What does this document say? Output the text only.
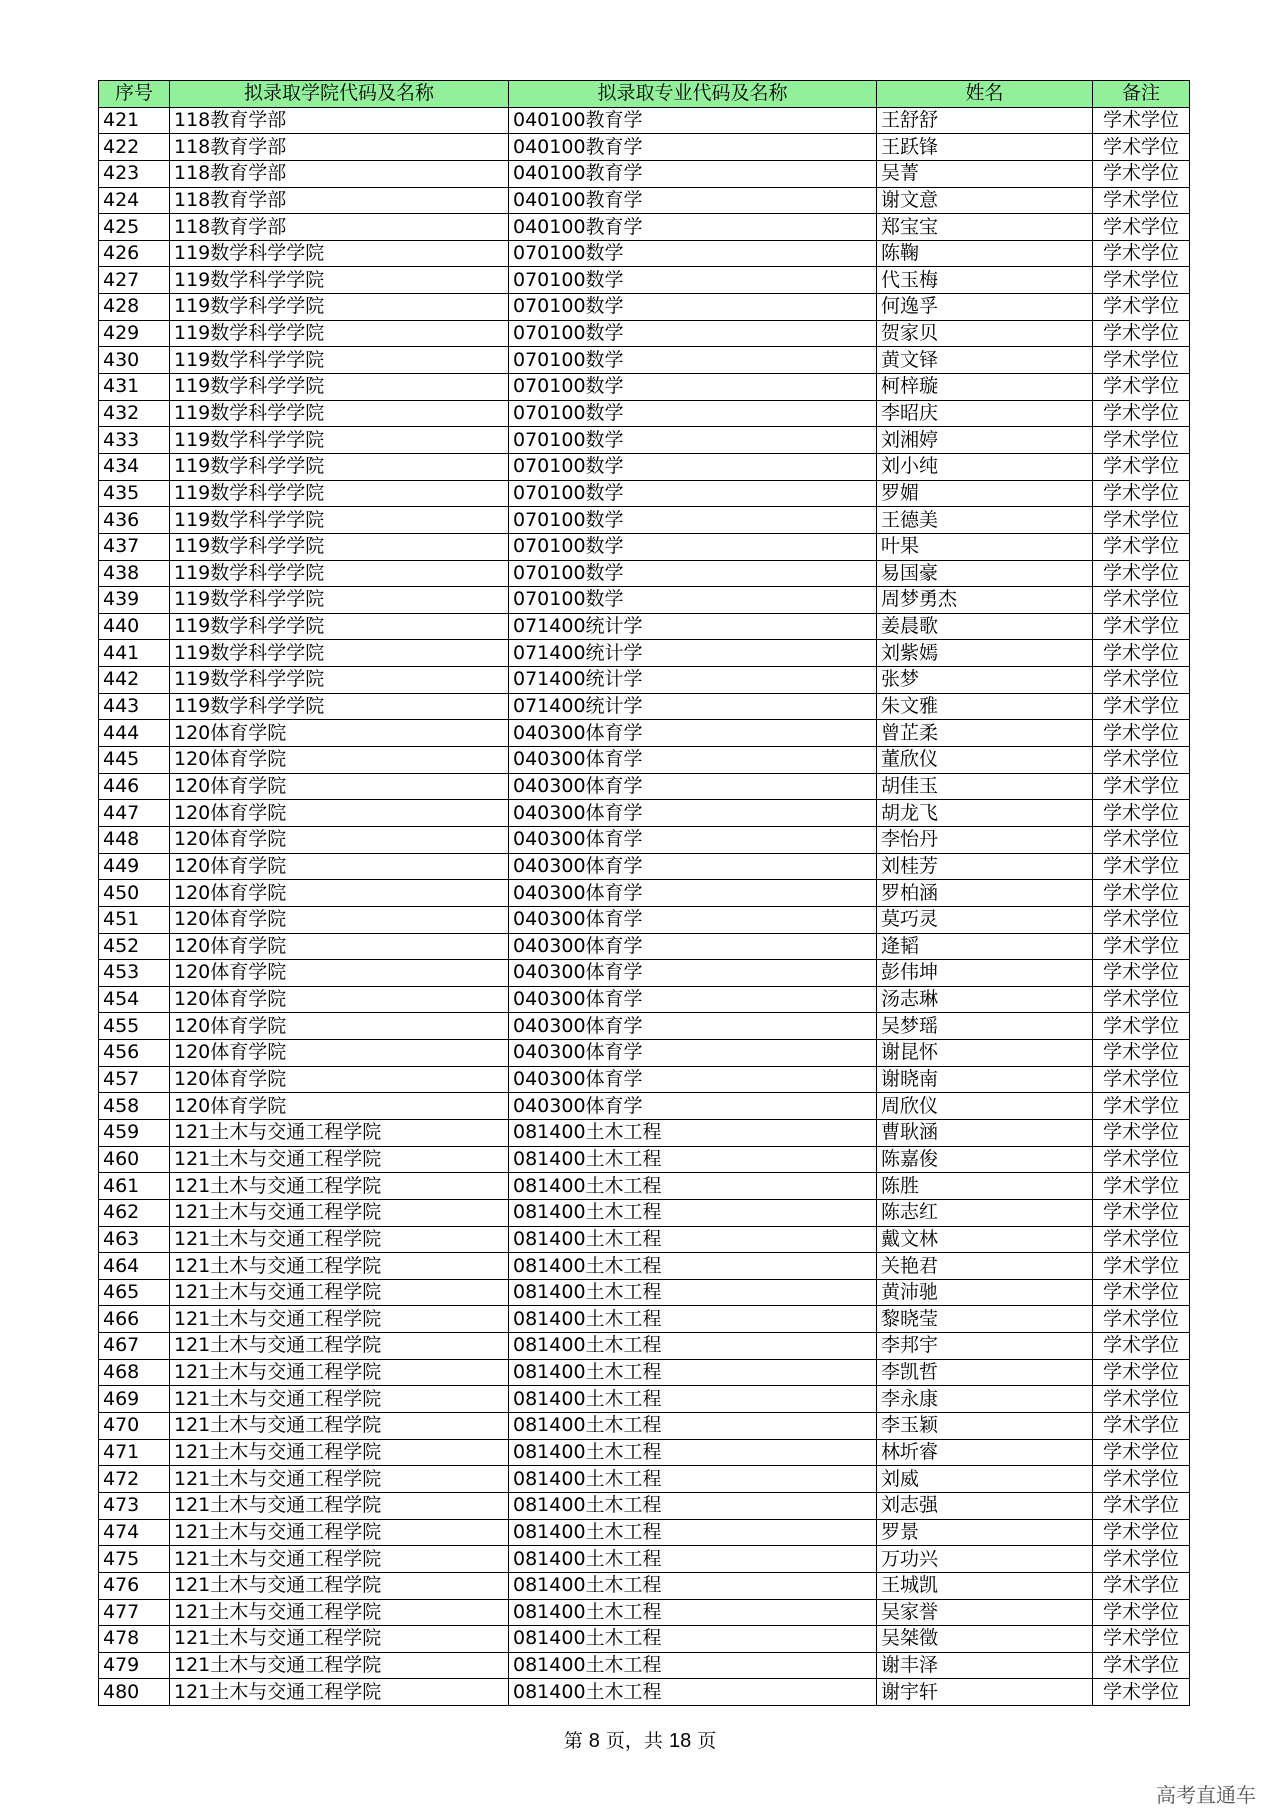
序号	拟录取学院代码及名称	拟录取专业代码及名称	姓名	备注
421	118教育学部	040100教育学	王舒舒	学术学位
422	118教育学部	040100教育学	王跃锋	学术学位
423	118教育学部	040100教育学	吴菁	学术学位
424	118教育学部	040100教育学	谢文意	学术学位
425	118教育学部	040100教育学	郑宝宝	学术学位
426	119数学科学学院	070100数学	陈鞠	学术学位
427	119数学科学学院	070100数学	代玉梅	学术学位
428	119数学科学学院	070100数学	何逸孚	学术学位
429	119数学科学学院	070100数学	贺家贝	学术学位
430	119数学科学学院	070100数学	黄文铎	学术学位
431	119数学科学学院	070100数学	柯梓璇	学术学位
432	119数学科学学院	070100数学	李昭庆	学术学位
433	119数学科学学院	070100数学	刘湘婷	学术学位
434	119数学科学学院	070100数学	刘小纯	学术学位
435	119数学科学学院	070100数学	罗媚	学术学位
436	119数学科学学院	070100数学	王德美	学术学位
437	119数学科学学院	070100数学	叶果	学术学位
438	119数学科学学院	070100数学	易国豪	学术学位
439	119数学科学学院	070100数学	周梦勇杰	学术学位
440	119数学科学学院	071400统计学	姜晨歌	学术学位
441	119数学科学学院	071400统计学	刘紫嫣	学术学位
442	119数学科学学院	071400统计学	张梦	学术学位
443	119数学科学学院	071400统计学	朱文雅	学术学位
444	120体育学院	040300体育学	曾芷柔	学术学位
445	120体育学院	040300体育学	董欣仪	学术学位
446	120体育学院	040300体育学	胡佳玉	学术学位
447	120体育学院	040300体育学	胡龙飞	学术学位
448	120体育学院	040300体育学	李怡丹	学术学位
449	120体育学院	040300体育学	刘桂芳	学术学位
450	120体育学院	040300体育学	罗柏涵	学术学位
451	120体育学院	040300体育学	莫巧灵	学术学位
452	120体育学院	040300体育学	逄韬	学术学位
453	120体育学院	040300体育学	彭伟坤	学术学位
454	120体育学院	040300体育学	汤志琳	学术学位
455	120体育学院	040300体育学	吴梦瑶	学术学位
456	120体育学院	040300体育学	谢昆怀	学术学位
457	120体育学院	040300体育学	谢晓南	学术学位
458	120体育学院	040300体育学	周欣仪	学术学位
459	121土木与交通工程学院	081400土木工程	曹耿涵	学术学位
460	121土木与交通工程学院	081400土木工程	陈嘉俊	学术学位
461	121土木与交通工程学院	081400土木工程	陈胜	学术学位
462	121土木与交通工程学院	081400土木工程	陈志红	学术学位
463	121土木与交通工程学院	081400土木工程	戴文林	学术学位
464	121土木与交通工程学院	081400土木工程	关艳君	学术学位
465	121土木与交通工程学院	081400土木工程	黄沛驰	学术学位
466	121土木与交通工程学院	081400土木工程	黎晓莹	学术学位
467	121土木与交通工程学院	081400土木工程	李邦宇	学术学位
468	121土木与交通工程学院	081400土木工程	李凯哲	学术学位
469	121土木与交通工程学院	081400土木工程	李永康	学术学位
470	121土木与交通工程学院	081400土木工程	李玉颖	学术学位
471	121土木与交通工程学院	081400土木工程	林圻睿	学术学位
472	121土木与交通工程学院	081400土木工程	刘威	学术学位
473	121土木与交通工程学院	081400土木工程	刘志强	学术学位
474	121土木与交通工程学院	081400土木工程	罗景	学术学位
475	121土木与交通工程学院	081400土木工程	万功兴	学术学位
476	121土木与交通工程学院	081400土木工程	王城凯	学术学位
477	121土木与交通工程学院	081400土木工程	吴家誉	学术学位
478	121土木与交通工程学院	081400土木工程	吴桀徵	学术学位
479	121土木与交通工程学院	081400土木工程	谢丰泽	学术学位
480	121土木与交通工程学院	081400土木工程	谢宇轩	学术学位
第 8 页，共 18 页
高考直通车
